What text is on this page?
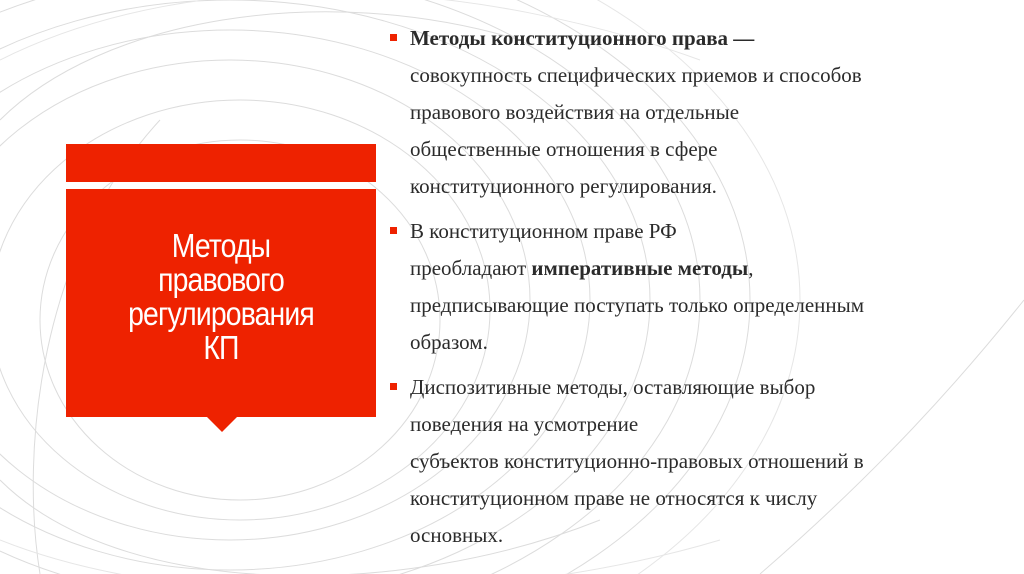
Методы
правового
регулирования
КП
Методы конституционного права —
совокупность специфических приемов и способов
правового воздействия на отдельные
общественные отношения в сфере
конституционного регулирования.
В конституционном праве РФ
преобладают императивные методы,
предписывающие поступать только определенным
образом.
Диспозитивные методы, оставляющие выбор
поведения на усмотрение
субъектов конституционно-правовых отношений в
конституционном праве не относятся к числу
основных.
